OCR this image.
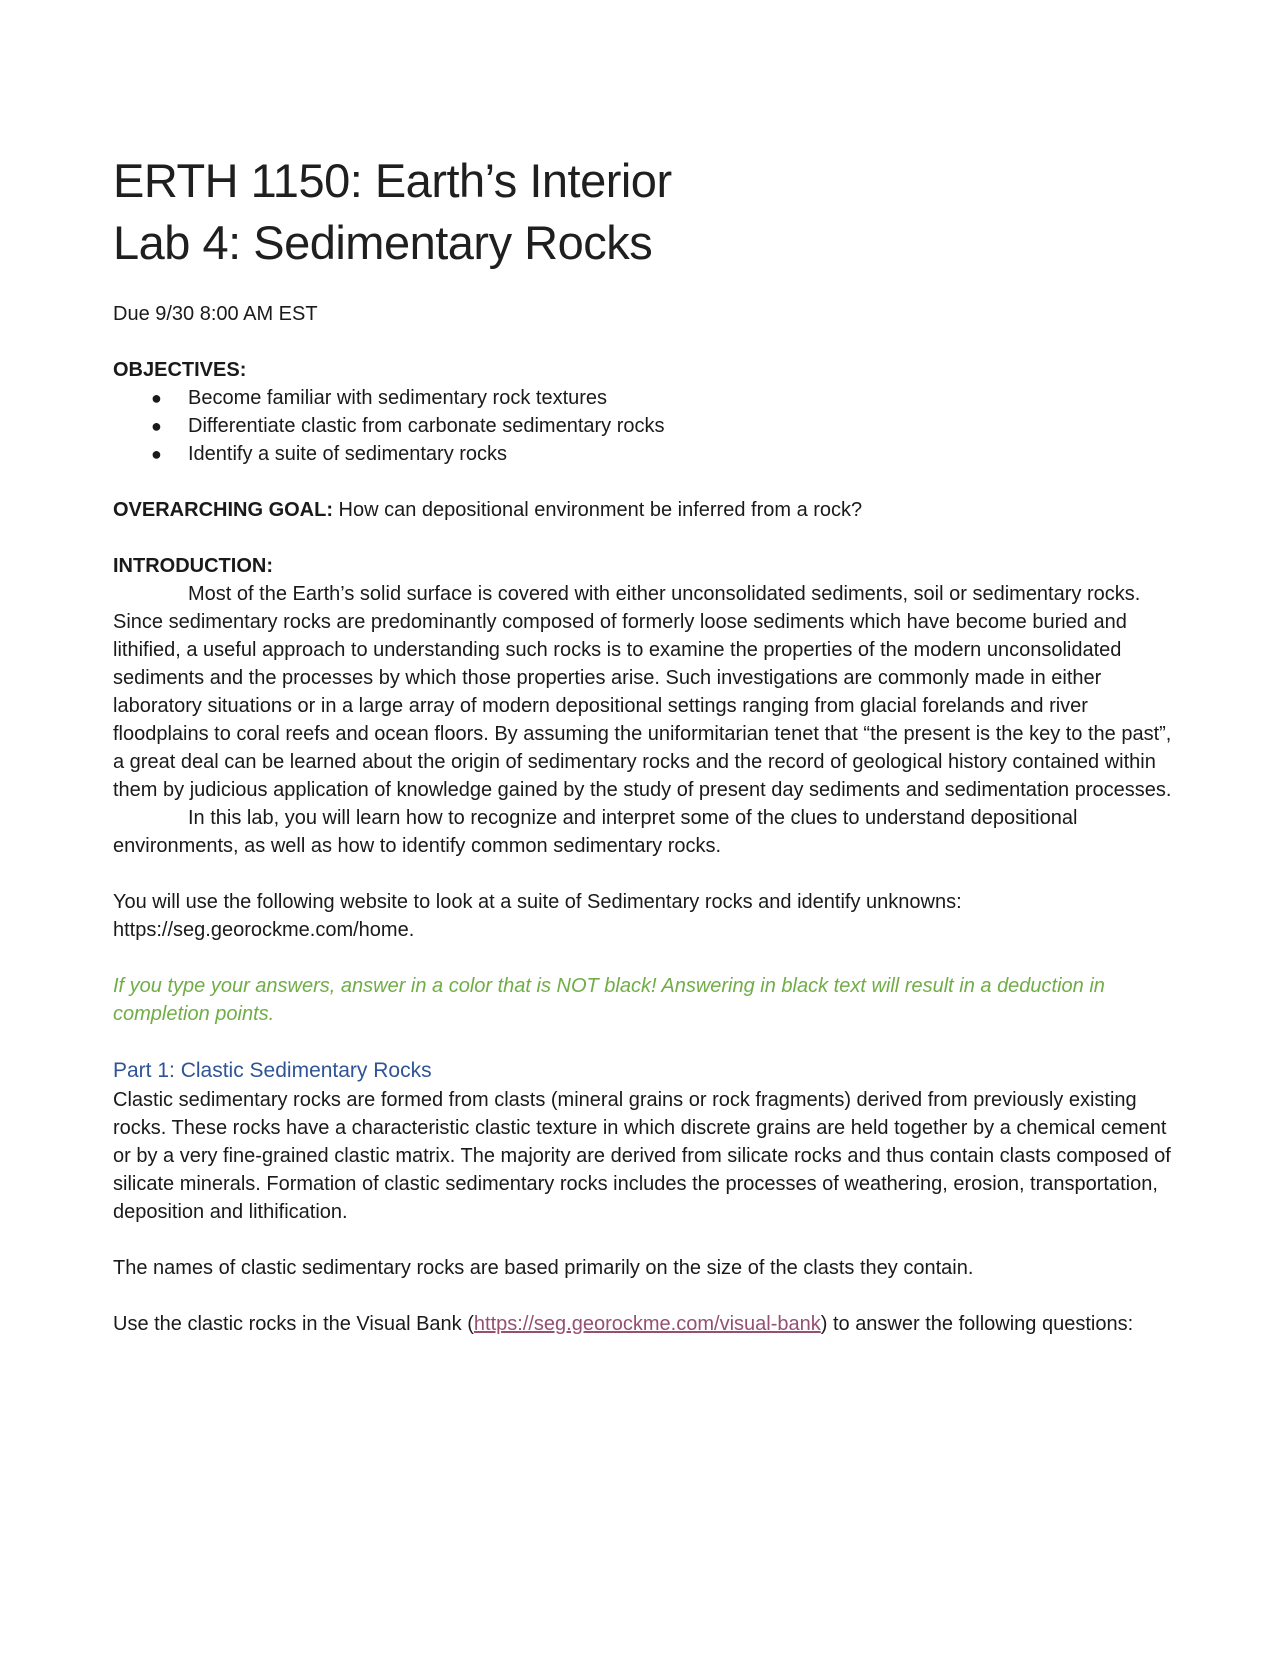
ERTH 1150: Earth’s Interior
Lab 4: Sedimentary Rocks

Due 9/30 8:00 AM EST

OBJECTIVES:

● Become familiar with sedimentary rock textures
● Differentiate clastic from carbonate sedimentary rocks
● Identify a suite of sedimentary rocks

OVERARCHING GOAL: How can depositional environment be inferred from a rock?

INTRODUCTION:

Most of the Earth’s solid surface is covered with either unconsolidated sediments, soil or sedimentary rocks. Since sedimentary rocks are predominantly composed of formerly loose sediments which have become buried and lithified, a useful approach to understanding such rocks is to examine the properties of the modern unconsolidated sediments and the processes by which those properties arise. Such investigations are commonly made in either laboratory situations or in a large array of modern depositional settings ranging from glacial forelands and river floodplains to coral reefs and ocean floors. By assuming the uniformitarian tenet that “the present is the key to the past”, a great deal can be learned about the origin of sedimentary rocks and the record of geological history contained within them by judicious application of knowledge gained by the study of present day sediments and sedimentation processes.

In this lab, you will learn how to recognize and interpret some of the clues to understand depositional environments, as well as how to identify common sedimentary rocks.

You will use the following website to look at a suite of Sedimentary rocks and identify unknowns:
https://seg.georockme.com/home.

If you type your answers, answer in a color that is NOT black! Answering in black text will result in a deduction in completion points.

Part 1: Clastic Sedimentary Rocks

Clastic sedimentary rocks are formed from clasts (mineral grains or rock fragments) derived from previously existing rocks. These rocks have a characteristic clastic texture in which discrete grains are held together by a chemical cement or by a very fine-grained clastic matrix. The majority are derived from silicate rocks and thus contain clasts composed of silicate minerals. Formation of clastic sedimentary rocks includes the processes of weathering, erosion, transportation, deposition and lithification.

The names of clastic sedimentary rocks are based primarily on the size of the clasts they contain.

Use the clastic rocks in the Visual Bank (https://seg.georockme.com/visual-bank) to answer the following questions:
